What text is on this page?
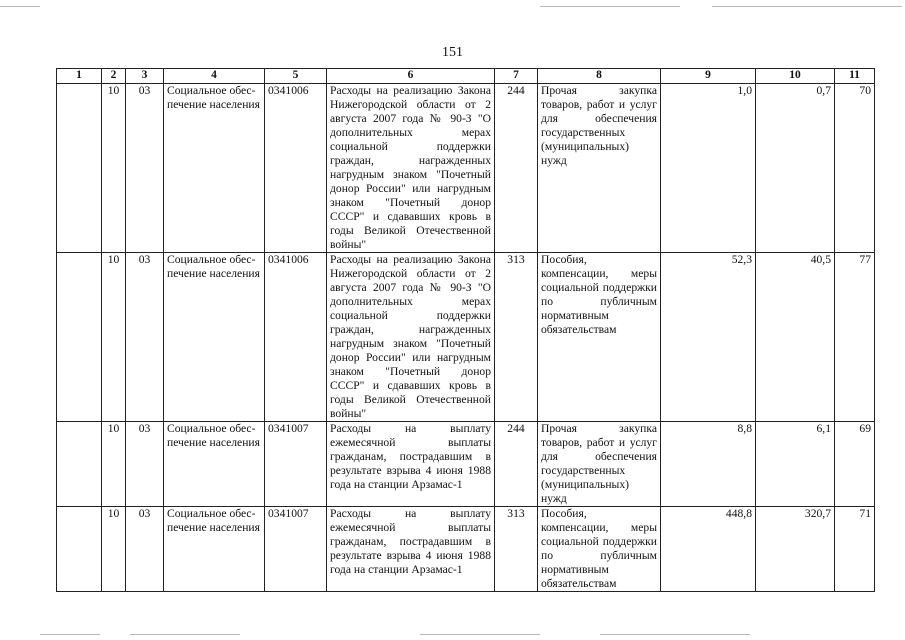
151
1	2	3	4	5	6	7	8	9	10	11
	10	03	Социальное обес-печение населения	0341006	Расходы на реализацию Закона Нижегородской области от 2 августа 2007 года № 90-З "О дополнительных мерах социальной поддержки граждан, награжденных нагрудным знаком "Почетный донор России" или нагрудным знаком "Почетный донор СССР" и сдававших кровь в годы Великой Отечественной войны"	244	Прочая закупка товаров, работ и услуг для обеспечения государственных (муниципальных) нужд	1,0	0,7	70
	10	03	Социальное обес-печение населения	0341006	Расходы на реализацию Закона Нижегородской области от 2 августа 2007 года № 90-З "О дополнительных мерах социальной поддержки граждан, награжденных нагрудным знаком "Почетный донор России" или нагрудным знаком "Почетный донор СССР" и сдававших кровь в годы Великой Отечественной войны"	313	Пособия, компенсации, меры социальной поддержки по публичным нормативным обязательствам	52,3	40,5	77
	10	03	Социальное обес-печение населения	0341007	Расходы на выплату ежемесячной выплаты гражданам, пострадавшим в результате взрыва 4 июня 1988 года на станции Арзамас-1	244	Прочая закупка товаров, работ и услуг для обеспечения государственных (муниципальных) нужд	8,8	6,1	69
	10	03	Социальное обес-печение населения	0341007	Расходы на выплату ежемесячной выплаты гражданам, пострадавшим в результате взрыва 4 июня 1988 года на станции Арзамас-1	313	Пособия, компенсации, меры социальной поддержки по публичным нормативным обязательствам	448,8	320,7	71
